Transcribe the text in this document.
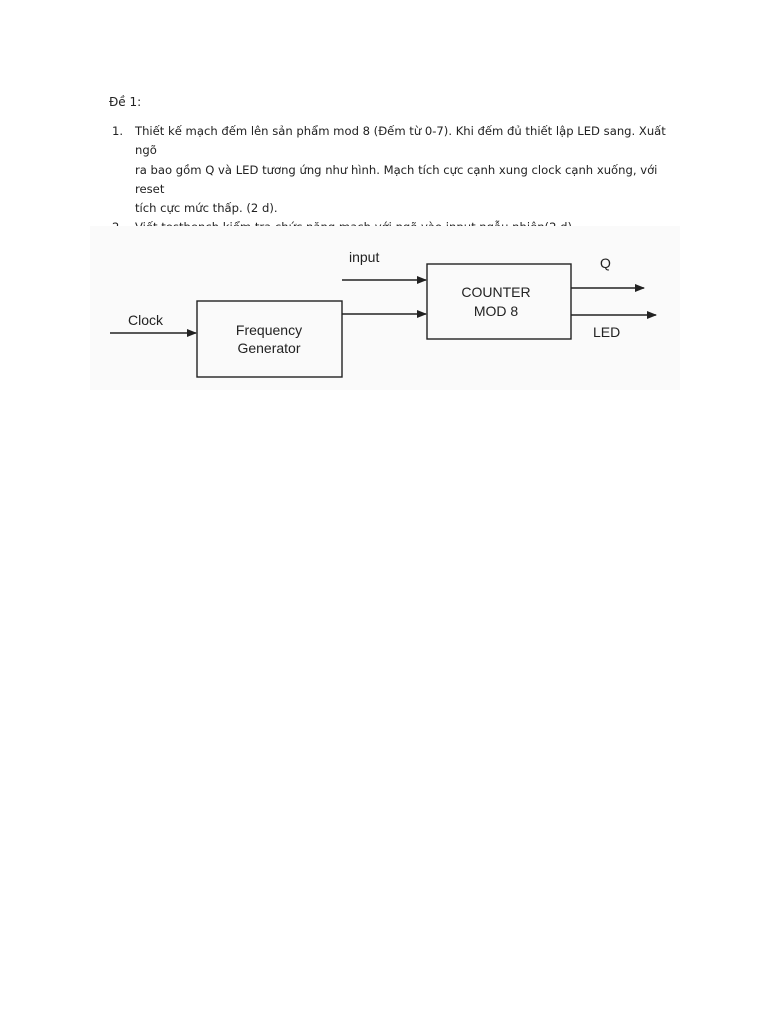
Đề 1:
1. Thiết kế mạch đếm lên sản phẩm mod 8 (Đếm từ 0-7). Khi đếm đủ thiết lập LED sang. Xuất ngõ
ra bao gồm Q và LED tương ứng như hình. Mạch tích cực cạnh xung clock cạnh xuống, với reset
tích cực mức thấp. (2 d).
Clock
Frequency
Generator
input
COUNTER
MOD 8
Q
LED
